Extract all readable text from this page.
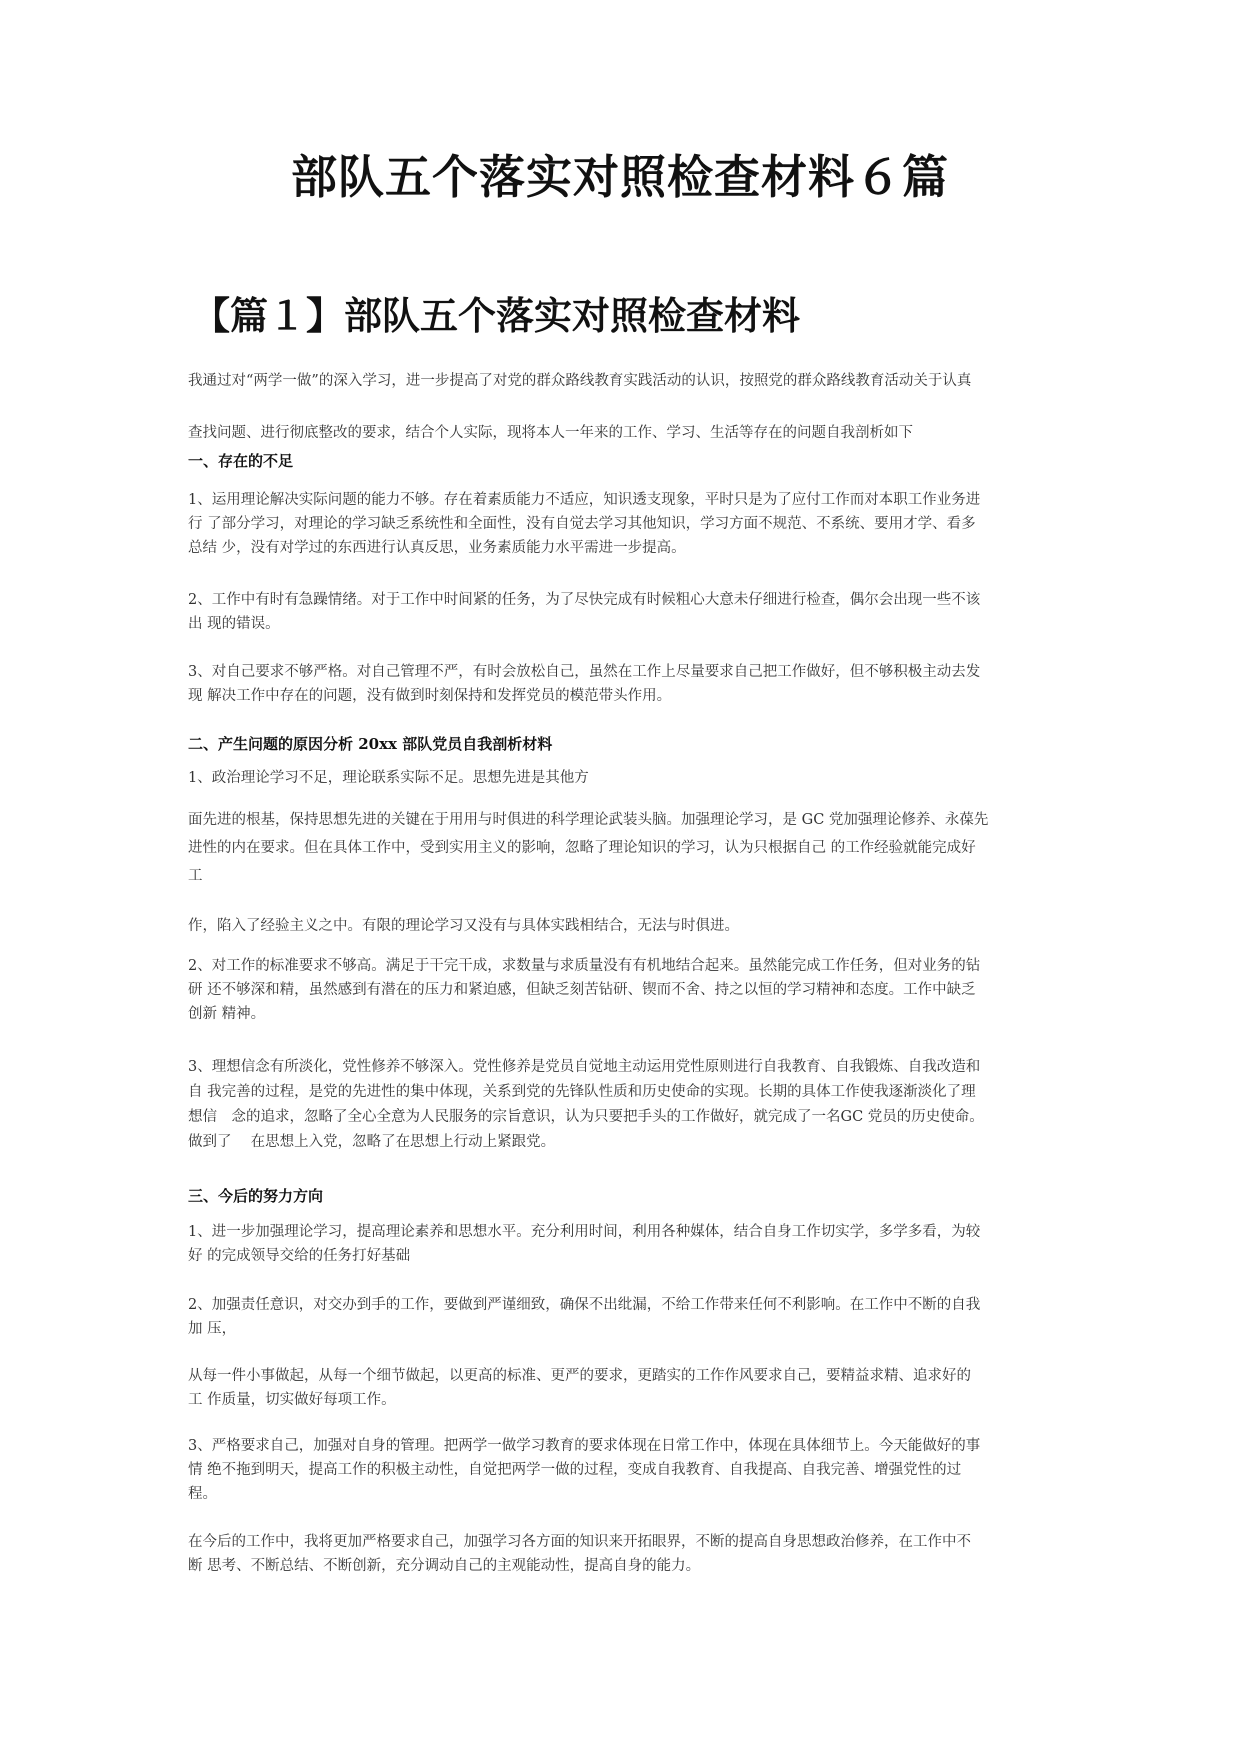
部队五个落实对照检查材料６篇
【篇１】部队五个落实对照检查材料
我通过对“两学一做”的深入学习，进一步提高了对党的群众路线教育实践活动的认识，按照党的群众路线教育活动关于认真
查找问题、进行彻底整改的要求，结合个人实际，现将本人一年来的工作、学习、生活等存在的问题自我剖析如下
一、存在的不足
1、运用理论解决实际问题的能力不够。存在着素质能力不适应，知识透支现象，平时只是为了应付工作而对本职工作业务进
行 了部分学习，对理论的学习缺乏系统性和全面性，没有自觉去学习其他知识，学习方面不规范、不系统、要用才学、看多
总结 少，没有对学过的东西进行认真反思，业务素质能力水平需进一步提高。
2、工作中有时有急躁情绪。对于工作中时间紧的任务，为了尽快完成有时候粗心大意未仔细进行检查，偶尔会出现一些不该
出 现的错误。
3、对自己要求不够严格。对自己管理不严，有时会放松自己，虽然在工作上尽量要求自己把工作做好，但不够积极主动去发
现 解决工作中存在的问题，没有做到时刻保持和发挥党员的模范带头作用。
二、产生问题的原因分析 20xx 部队党员自我剖析材料
1、政治理论学习不足，理论联系实际不足。思想先进是其他方
面先进的根基，保持思想先进的关键在于用用与时俱进的科学理论武装头脑。加强理论学习，是 GC 党加强理论修养、永葆先
进性的内在要求。但在具体工作中，受到实用主义的影响，忽略了理论知识的学习，认为只根据自己 的工作经验就能完成好
工
作，陷入了经验主义之中。有限的理论学习又没有与具体实践相结合，无法与时俱进。
2、对工作的标准要求不够高。满足于干完干成，求数量与求质量没有有机地结合起来。虽然能完成工作任务，但对业务的钻
研 还不够深和精，虽然感到有潜在的压力和紧迫感，但缺乏刻苦钻研、锲而不舍、持之以恒的学习精神和态度。工作中缺乏
创新 精神。
3、理想信念有所淡化，党性修养不够深入。党性修养是党员自觉地主动运用党性原则进行自我教育、自我锻炼、自我改造和
自 我完善的过程，是党的先进性的集中体现，关系到党的先锋队性质和历史使命的实现。长期的具体工作使我逐渐淡化了理
想信　念的追求，忽略了全心全意为人民服务的宗旨意识，认为只要把手头的工作做好，就完成了一名GC 党员的历史使命。
做到了　 在思想上入党，忽略了在思想上行动上紧跟党。
三、今后的努力方向
1、进一步加强理论学习，提高理论素养和思想水平。充分利用时间，利用各种媒体，结合自身工作切实学，多学多看，为较
好 的完成领导交给的任务打好基础
2、加强责任意识，对交办到手的工作，要做到严谨细致，确保不出纰漏，不给工作带来任何不利影响。在工作中不断的自我
加 压，
从每一件小事做起，从每一个细节做起，以更高的标准、更严的要求，更踏实的工作作风要求自己，要精益求精、追求好的
工 作质量，切实做好每项工作。
3、严格要求自己，加强对自身的管理。把两学一做学习教育的要求体现在日常工作中，体现在具体细节上。今天能做好的事
情 绝不拖到明天，提高工作的积极主动性，自觉把两学一做的过程，变成自我教育、自我提高、自我完善、增强党性的过
程。
在今后的工作中，我将更加严格要求自己，加强学习各方面的知识来开拓眼界，不断的提高自身思想政治修养，在工作中不
断 思考、不断总结、不断创新，充分调动自己的主观能动性，提高自身的能力。
